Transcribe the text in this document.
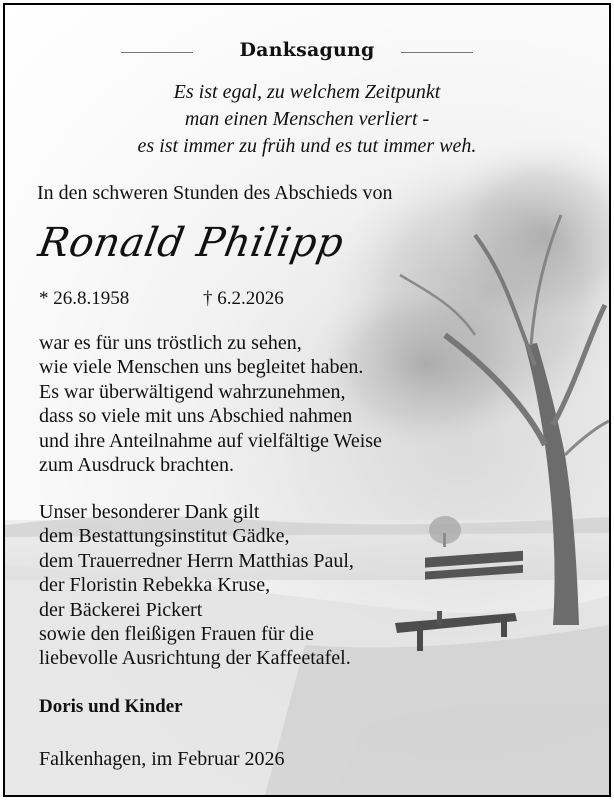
Danksagung
Es ist egal, zu welchem Zeitpunkt
man einen Menschen verliert -
es ist immer zu früh und es tut immer weh.
In den schweren Stunden des Abschieds von
Ronald Philipp
* 26.8.1958	† 6.2.2026
war es für uns tröstlich zu sehen,
wie viele Menschen uns begleitet haben.
Es war überwältigend wahrzunehmen,
dass so viele mit uns Abschied nahmen
und ihre Anteilnahme auf vielfältige Weise
zum Ausdruck brachten.
Unser besonderer Dank gilt
dem Bestattungsinstitut Gädke,
dem Trauerredner Herrn Matthias Paul,
der Floristin Rebekka Kruse,
der Bäckerei Pickert
sowie den fleißigen Frauen für die
liebevolle Ausrichtung der Kaffeetafel.
Doris und Kinder
Falkenhagen, im Februar 2026
